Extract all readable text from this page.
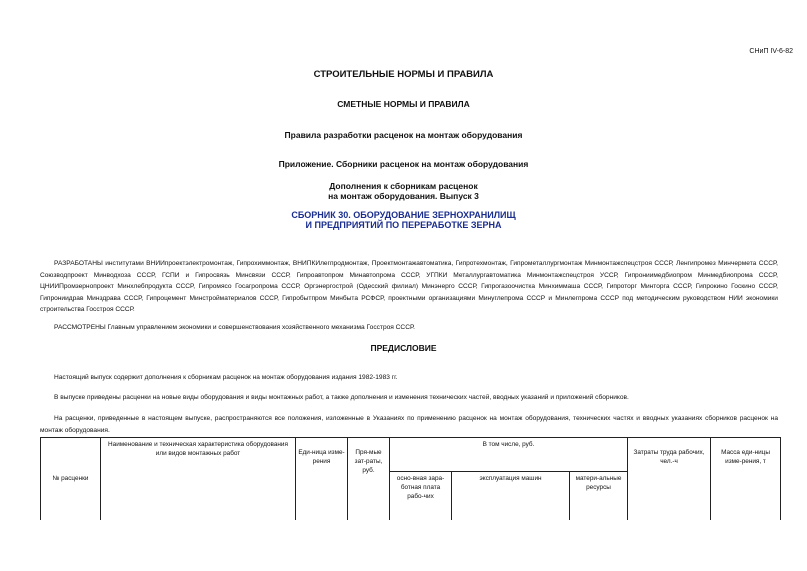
СНиП IV-6-82
СТРОИТЕЛЬНЫЕ НОРМЫ И ПРАВИЛА
СМЕТНЫЕ НОРМЫ И ПРАВИЛА
Правила разработки расценок на монтаж оборудования
Приложение. Сборники расценок на монтаж оборудования
Дополнения к сборникам расценок
на монтаж оборудования. Выпуск 3
СБОРНИК 30. ОБОРУДОВАНИЕ ЗЕРНОХРАНИЛИЩ
И ПРЕДПРИЯТИЙ ПО ПЕРЕРАБОТКЕ ЗЕРНА
РАЗРАБОТАНЫ институтами ВНИИпроектэлектромонтаж, Гипрохиммонтаж, ВНИПКИлегпродмонтаж, Проектмонтажавтоматика, Гипротехмонтаж, Гипрометаллургмонтаж Минмонтажспецстроя СССР, Ленгипромез Минчермета СССР, Союзводпроект Минводхоза СССР, ГСПИ и Гипросвязь Минсвязи СССР, Гипроавтопром Минавтопрома СССР, УГПКИ Металлургавтоматика Минмонтажспецстроя УССР, Гипрониимедбиопром Минмедбиопрома СССР, ЦНИИПромзернопроект Минхлебпродукта СССР, Гипромясо Госагропрома СССР, Оргэнергострой (Одесский филиал) Минэнерго СССР, Гипрогазоочистка Минхиммаша СССР, Гипроторг Минторга СССР, Гипрокино Госкино СССР, Гипрониидрав Минздрава СССР, Гипроцемент Минстройматериалов СССР, Гипробытпром Минбыта РСФСР, проектными организациями Минуглепрома СССР и Минлегпрома СССР под методическим руководством НИИ экономики строительства Госстроя СССР.
РАССМОТРЕНЫ Главным управлением экономики и совершенствования хозяйственного механизма Госстроя СССР.
ПРЕДИСЛОВИЕ
Настоящий выпуск содержит дополнения к сборникам расценок на монтаж оборудования издания 1982-1983 гг.
В выпуске приведены расценки на новые виды оборудования и виды монтажных работ, а также дополнения и изменения технических частей, вводных указаний и приложений сборников.
На расценки, приведенные в настоящем выпуске, распространяются все положения, изложенные в Указаниях по применению расценок на монтаж оборудования, технических частях и вводных указаниях сборников расценок на монтаж оборудования.
№ расценки	Наименование и техническая характеристика оборудования или видов монтажных работ	Еди-ница изме-рения	Пря-мые зат-раты, руб.	В том числе, руб.			Затраты труда рабочих, чел.-ч	Масса еди-ницы изме-рения, т
				осно-вная зара-ботная плата рабо-чих	эксплуатация машин	матери-альные ресурсы		
